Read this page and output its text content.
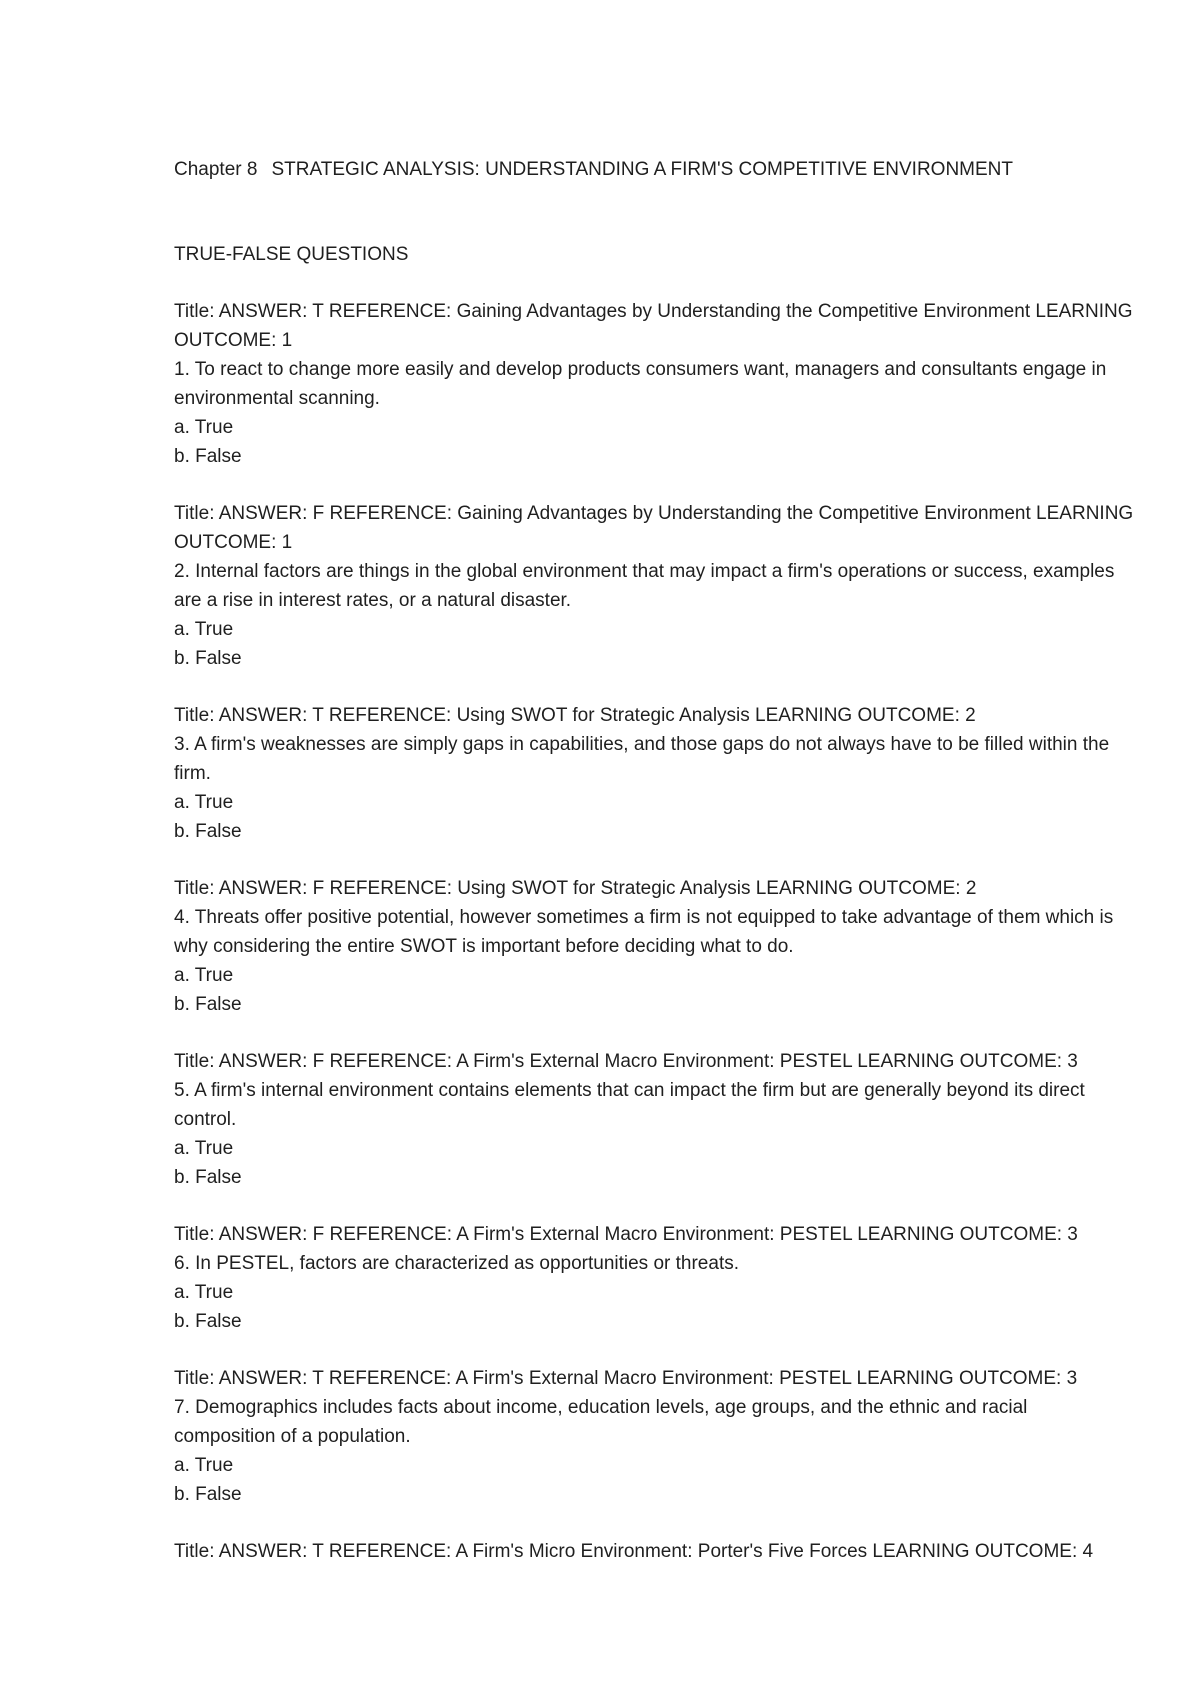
Chapter 8 STRATEGIC ANALYSIS: UNDERSTANDING A FIRM'S COMPETITIVE ENVIRONMENT
TRUE-FALSE QUESTIONS
Title: ANSWER: T REFERENCE: Gaining Advantages by Understanding the Competitive Environment LEARNING OUTCOME: 1
1. To react to change more easily and develop products consumers want, managers and consultants engage in environmental scanning.
a. True
b. False
Title: ANSWER: F REFERENCE: Gaining Advantages by Understanding the Competitive Environment LEARNING OUTCOME: 1
2. Internal factors are things in the global environment that may impact a firm's operations or success, examples are a rise in interest rates, or a natural disaster.
a. True
b. False
Title: ANSWER: T REFERENCE: Using SWOT for Strategic Analysis LEARNING OUTCOME: 2
3. A firm's weaknesses are simply gaps in capabilities, and those gaps do not always have to be filled within the firm.
a. True
b. False
Title: ANSWER: F REFERENCE: Using SWOT for Strategic Analysis LEARNING OUTCOME: 2
4. Threats offer positive potential, however sometimes a firm is not equipped to take advantage of them which is why considering the entire SWOT is important before deciding what to do.
a. True
b. False
Title: ANSWER: F REFERENCE: A Firm's External Macro Environment: PESTEL LEARNING OUTCOME: 3
5. A firm's internal environment contains elements that can impact the firm but are generally beyond its direct control.
a. True
b. False
Title: ANSWER: F REFERENCE: A Firm's External Macro Environment: PESTEL LEARNING OUTCOME: 3
6. In PESTEL, factors are characterized as opportunities or threats.
a. True
b. False
Title: ANSWER: T REFERENCE: A Firm's External Macro Environment: PESTEL LEARNING OUTCOME: 3
7. Demographics includes facts about income, education levels, age groups, and the ethnic and racial composition of a population.
a. True
b. False
Title: ANSWER: T REFERENCE: A Firm's Micro Environment: Porter's Five Forces LEARNING OUTCOME: 4
